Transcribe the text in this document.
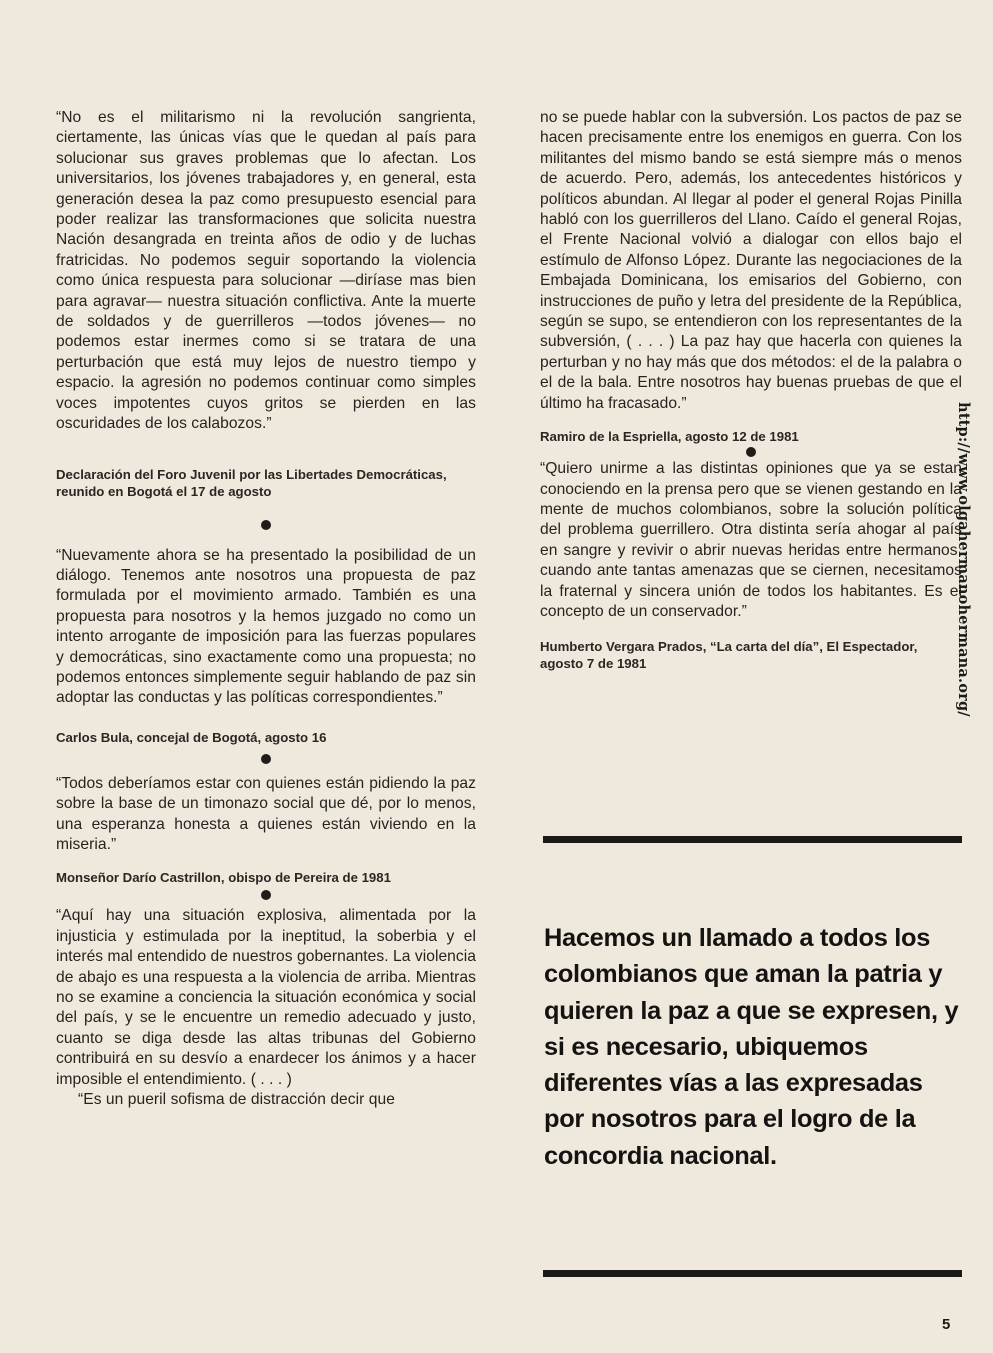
“No es el militarismo ni la revolución sangrienta, ciertamente, las únicas vías que le quedan al país para solucionar sus graves problemas que lo afectan. Los universitarios, los jóvenes trabajadores y, en general, esta generación desea la paz como presupuesto esencial para poder realizar las transformaciones que solicita nuestra Nación desangrada en treinta años de odio y de luchas fratricidas. No podemos seguir soportando la violencia como única respuesta para solucionar —diríase mas bien para agravar— nuestra situación conflictiva. Ante la muerte de soldados y de guerrilleros —todos jóvenes— no podemos estar inermes como si se tratara de una perturbación que está muy lejos de nuestro tiempo y espacio. la agresión no podemos continuar como simples voces impotentes cuyos gritos se pierden en las oscuridades de los calabozos.”

Declaración del Foro Juvenil por las Libertades Democráticas, reunido en Bogotá el 17 de agosto

“Nuevamente ahora se ha presentado la posibilidad de un diálogo. Tenemos ante nosotros una propuesta de paz formulada por el movimiento armado. También es una propuesta para nosotros y la hemos juzgado no como un intento arrogante de imposición para las fuerzas populares y democráticas, sino exactamente como una propuesta; no podemos entonces simplemente seguir hablando de paz sin adoptar las conductas y las políticas correspondientes.”

Carlos Bula, concejal de Bogotá, agosto 16

“Todos deberíamos estar con quienes están pidiendo la paz sobre la base de un timonazo social que dé, por lo menos, una esperanza honesta a quienes están viviendo en la miseria.”

Monseñor Darío Castrillon, obispo de Pereira de 1981

“Aquí hay una situación explosiva, alimentada por la injusticia y estimulada por la ineptitud, la soberbia y el interés mal entendido de nuestros gobernantes. La violencia de abajo es una respuesta a la violencia de arriba. Mientras no se examine a conciencia la situación económica y social del país, y se le encuentre un remedio adecuado y justo, cuanto se diga desde las altas tribunas del Gobierno contribuirá en su desvío a enardecer los ánimos y a hacer imposible el entendimiento. ( . . . )

“Es un pueril sofisma de distracción decir que

no se puede hablar con la subversión. Los pactos de paz se hacen precisamente entre los enemigos en guerra. Con los militantes del mismo bando se está siempre más o menos de acuerdo. Pero, además, los antecedentes históricos y políticos abundan. Al llegar al poder el general Rojas Pinilla habló con los guerrilleros del Llano. Caído el general Rojas, el Frente Nacional volvió a dialogar con ellos bajo el estímulo de Alfonso López. Durante las negociaciones de la Embajada Dominicana, los emisarios del Gobierno, con instrucciones de puño y letra del presidente de la República, según se supo, se entendieron con los representantes de la subversión, ( . . . ) La paz hay que hacerla con quienes la perturban y no hay más que dos métodos: el de la palabra o el de la bala. Entre nosotros hay buenas pruebas de que el último ha fracasado.”

Ramiro de la Espriella, agosto 12 de 1981

“Quiero unirme a las distintas opiniones que ya se estan conociendo en la prensa pero que se vienen gestando en la mente de muchos colombianos, sobre la solución política del problema guerrillero. Otra distinta sería ahogar al país en sangre y revivir o abrir nuevas heridas entre hermanos, cuando ante tantas amenazas que se ciernen, necesitamos la fraternal y sincera unión de todos los habitantes. Es el concepto de un conservador.”

Humberto Vergara Prados, “La carta del día”, El Espectador, agosto 7 de 1981

Hacemos un llamado a todos los colombianos que aman la patria y quieren la paz a que se expresen, y si es necesario, ubiquemos diferentes vías a las expresadas por nosotros para el logro de la concordia nacional.

5
http://www.olgahermanohermana.org/
